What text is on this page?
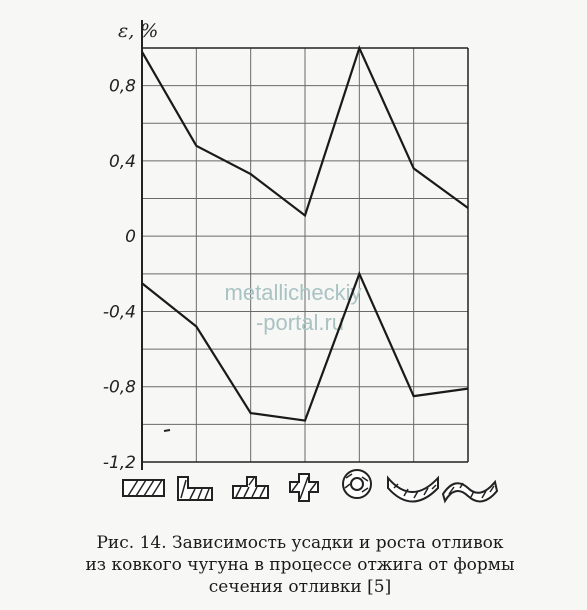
0,8
0,4
0
-0,4
-0,8
-1,2
ε, %
metallicheckiy
-portal.ru
Рис. 14. Зависимость усадки и роста отливок
из ковкого чугуна в процессе отжига от формы
сечения отливки [5]
